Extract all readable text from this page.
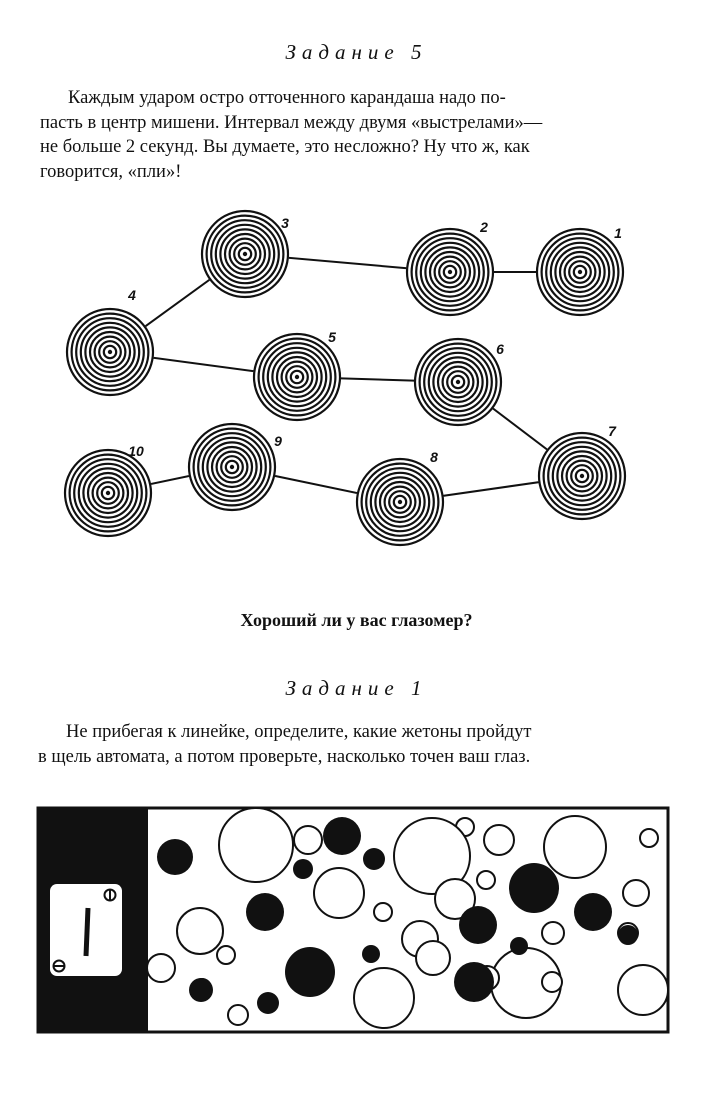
Задание 5
Каждым ударом остро отточенного карандаша надо по-
пасть в центр мишени. Интервал между двумя «выстрелами»—
не больше 2 секунд. Вы думаете, это несложно? Ну что ж, как
говорится, «пли»!
1
2
3
4
5
6
7
8
9
10
Хороший ли у вас глазомер?
Задание 1
Не прибегая к линейке, определите, какие жетоны пройдут
в щель автомата, а потом проверьте, насколько точен ваш глаз.
